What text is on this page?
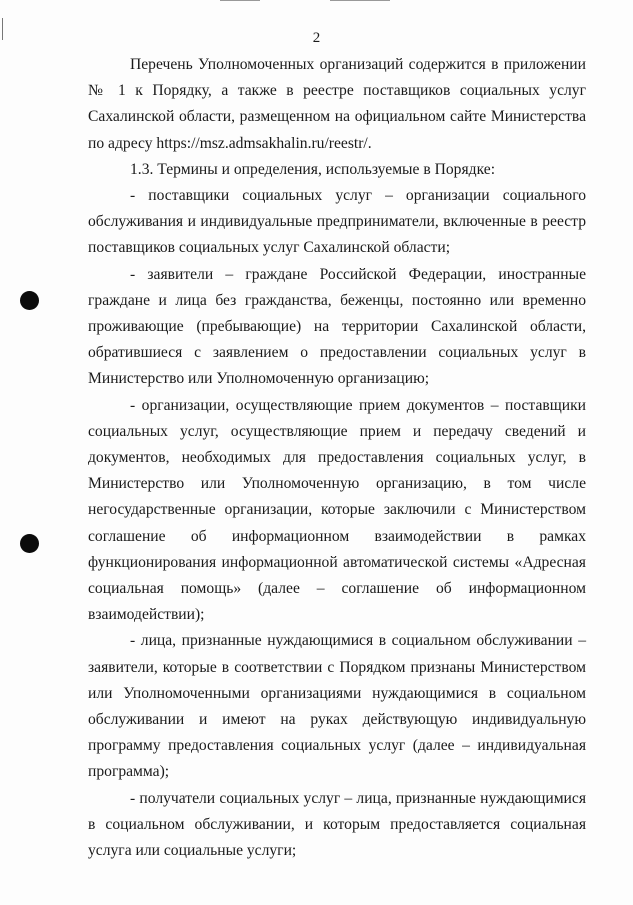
2

Перечень Уполномоченных организаций содержится в приложении № 1 к Порядку, а также в реестре поставщиков социальных услуг Сахалинской области, размещенном на официальном сайте Министерства по адресу https://msz.admsakhalin.ru/reestr/.

1.3. Термины и определения, используемые в Порядке:

- поставщики социальных услуг – организации социального обслуживания и индивидуальные предприниматели, включенные в реестр поставщиков социальных услуг Сахалинской области;

- заявители – граждане Российской Федерации, иностранные граждане и лица без гражданства, беженцы, постоянно или временно проживающие (пребывающие) на территории Сахалинской области, обратившиеся с заявлением о предоставлении социальных услуг в Министерство или Уполномоченную организацию;

- организации, осуществляющие прием документов – поставщики социальных услуг, осуществляющие прием и передачу сведений и документов, необходимых для предоставления социальных услуг, в Министерство или Уполномоченную организацию, в том числе негосударственные организации, которые заключили с Министерством соглашение об информационном взаимодействии в рамках функционирования информационной автоматической системы «Адресная социальная помощь» (далее – соглашение об информационном взаимодействии);

- лица, признанные нуждающимися в социальном обслуживании – заявители, которые в соответствии с Порядком признаны Министерством или Уполномоченными организациями нуждающимися в социальном обслуживании и имеют на руках действующую индивидуальную программу предоставления социальных услуг (далее – индивидуальная программа);

- получатели социальных услуг – лица, признанные нуждающимися в социальном обслуживании, и которым предоставляется социальная услуга или социальные услуги;
